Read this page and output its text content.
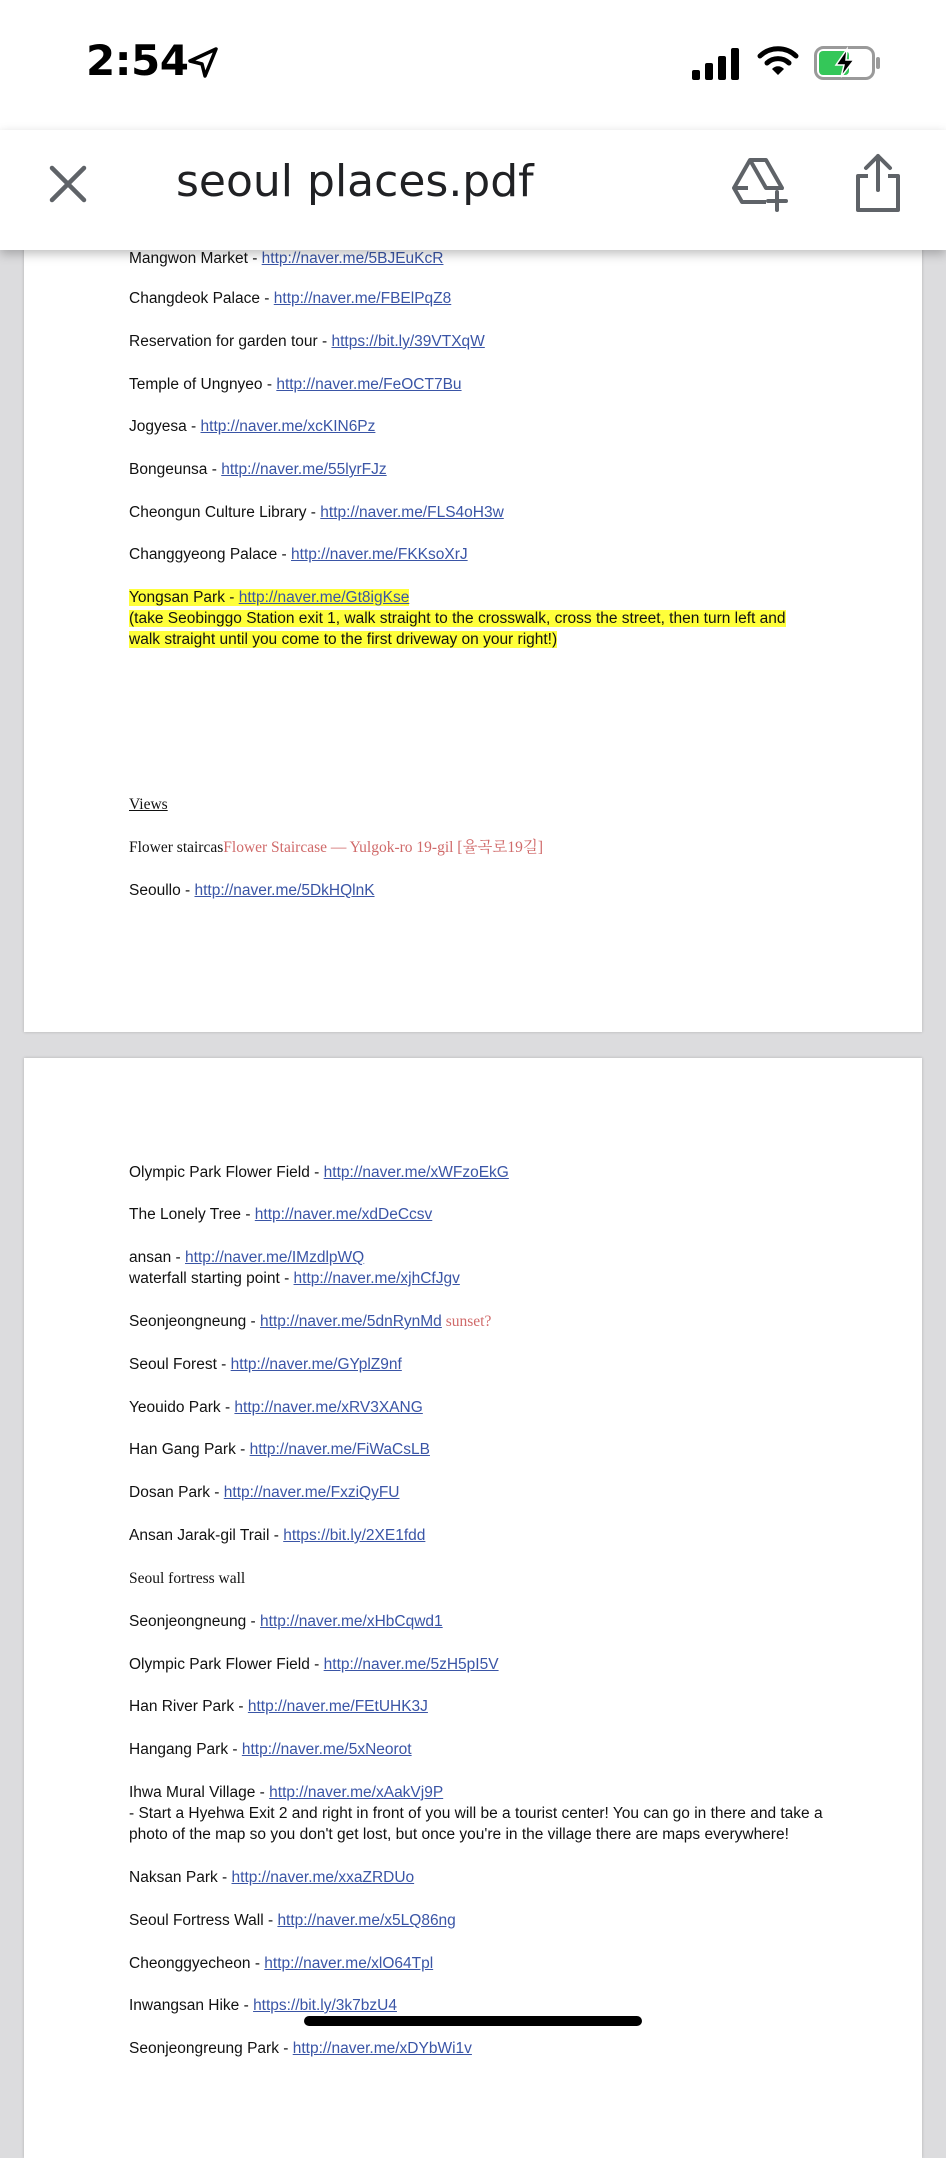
2:54
seoul places.pdf
Mangwon Market - http://naver.me/5BJEuKcR
Changdeok Palace - http://naver.me/FBElPqZ8
Reservation for garden tour - https://bit.ly/39VTXqW
Temple of Ungnyeo - http://naver.me/FeOCT7Bu
Jogyesa - http://naver.me/xcKIN6Pz
Bongeunsa - http://naver.me/55lyrFJz
Cheongun Culture Library - http://naver.me/FLS4oH3w
Changgyeong Palace - http://naver.me/FKKsoXrJ
Yongsan Park - http://naver.me/Gt8igKse
(take Seobinggo Station exit 1, walk straight to the crosswalk, cross the street, then turn left and
walk straight until you come to the first driveway on your right!)
Views
Flower staircasFlower Staircase — Yulgok-ro 19-gil [율곡로19길]
Seoullo - http://naver.me/5DkHQlnK
Olympic Park Flower Field - http://naver.me/xWFzoEkG
The Lonely Tree - http://naver.me/xdDeCcsv
ansan - http://naver.me/IMzdlpWQ
waterfall starting point - http://naver.me/xjhCfJgv
Seonjeongneung - http://naver.me/5dnRynMd sunset?
Seoul Forest - http://naver.me/GYplZ9nf
Yeouido Park - http://naver.me/xRV3XANG
Han Gang Park - http://naver.me/FiWaCsLB
Dosan Park - http://naver.me/FxziQyFU
Ansan Jarak-gil Trail - https://bit.ly/2XE1fdd
Seoul fortress wall
Seonjeongneung - http://naver.me/xHbCqwd1
Olympic Park Flower Field - http://naver.me/5zH5pI5V
Han River Park - http://naver.me/FEtUHK3J
Hangang Park - http://naver.me/5xNeorot
Ihwa Mural Village - http://naver.me/xAakVj9P
- Start a Hyehwa Exit 2 and right in front of you will be a tourist center! You can go in there and take a
photo of the map so you don't get lost, but once you're in the village there are maps everywhere!
Naksan Park - http://naver.me/xxaZRDUo
Seoul Fortress Wall - http://naver.me/x5LQ86ng
Cheonggyecheon - http://naver.me/xlO64Tpl
Inwangsan Hike - https://bit.ly/3k7bzU4
Seonjeongreung Park - http://naver.me/xDYbWi1v
